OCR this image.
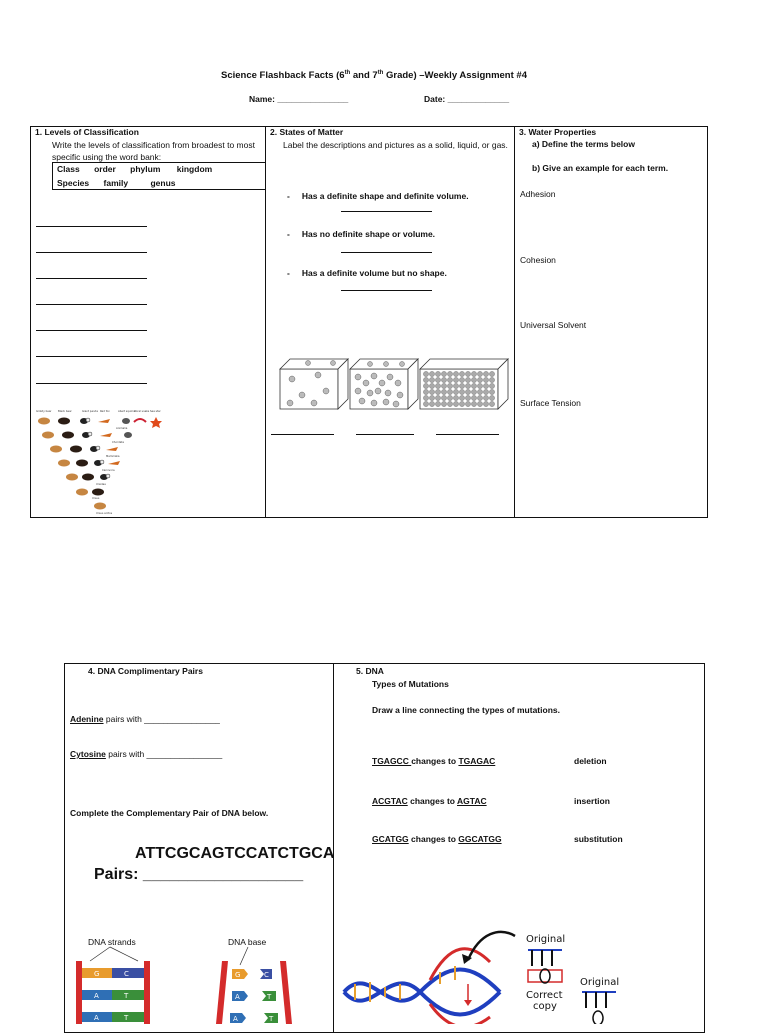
Science Flashback Facts (6th and 7th Grade) –Weekly Assignment #4
Name: _______________	Date: _____________
1. Levels of Classification
Write the levels of classification from broadest to most specific using the word bank:
Class order phylum kingdom
Species family	genus
Grizzly bear	Black bear	Giant panda Red fox	Abert squirrel
Coral snake Sea star
Animalia
Chordata
Mammalia
Carnivora
Ursidae
Ursus
Ursus arctos
2. States of Matter
Label the descriptions and pictures as a solid, liquid, or gas.
- Has a definite shape and definite volume.
- Has no definite shape or volume.
- Has a definite volume but no shape.
3. Water Properties
a) Define the terms below
b) Give an example for each term.
Adhesion
Cohesion
Universal Solvent
Surface Tension
4. DNA Complimentary Pairs
Adenine pairs with ________________
Cytosine pairs with ________________
Complete the Complementary Pair of DNA below.
ATTCGCAGTCCATCTGCA
Pairs: __________________
DNA strands	DNA base
G	C
A	T
A	T
G	C
A	T
A	T
5. DNA
Types of Mutations
Draw a line connecting the types of mutations.
TGAGCC changes to TGAGAC	deletion
ACGTAC changes to AGTAC	insertion
GCATGG changes to GGCATGG	substitution
Original
Correct
copy
Original
